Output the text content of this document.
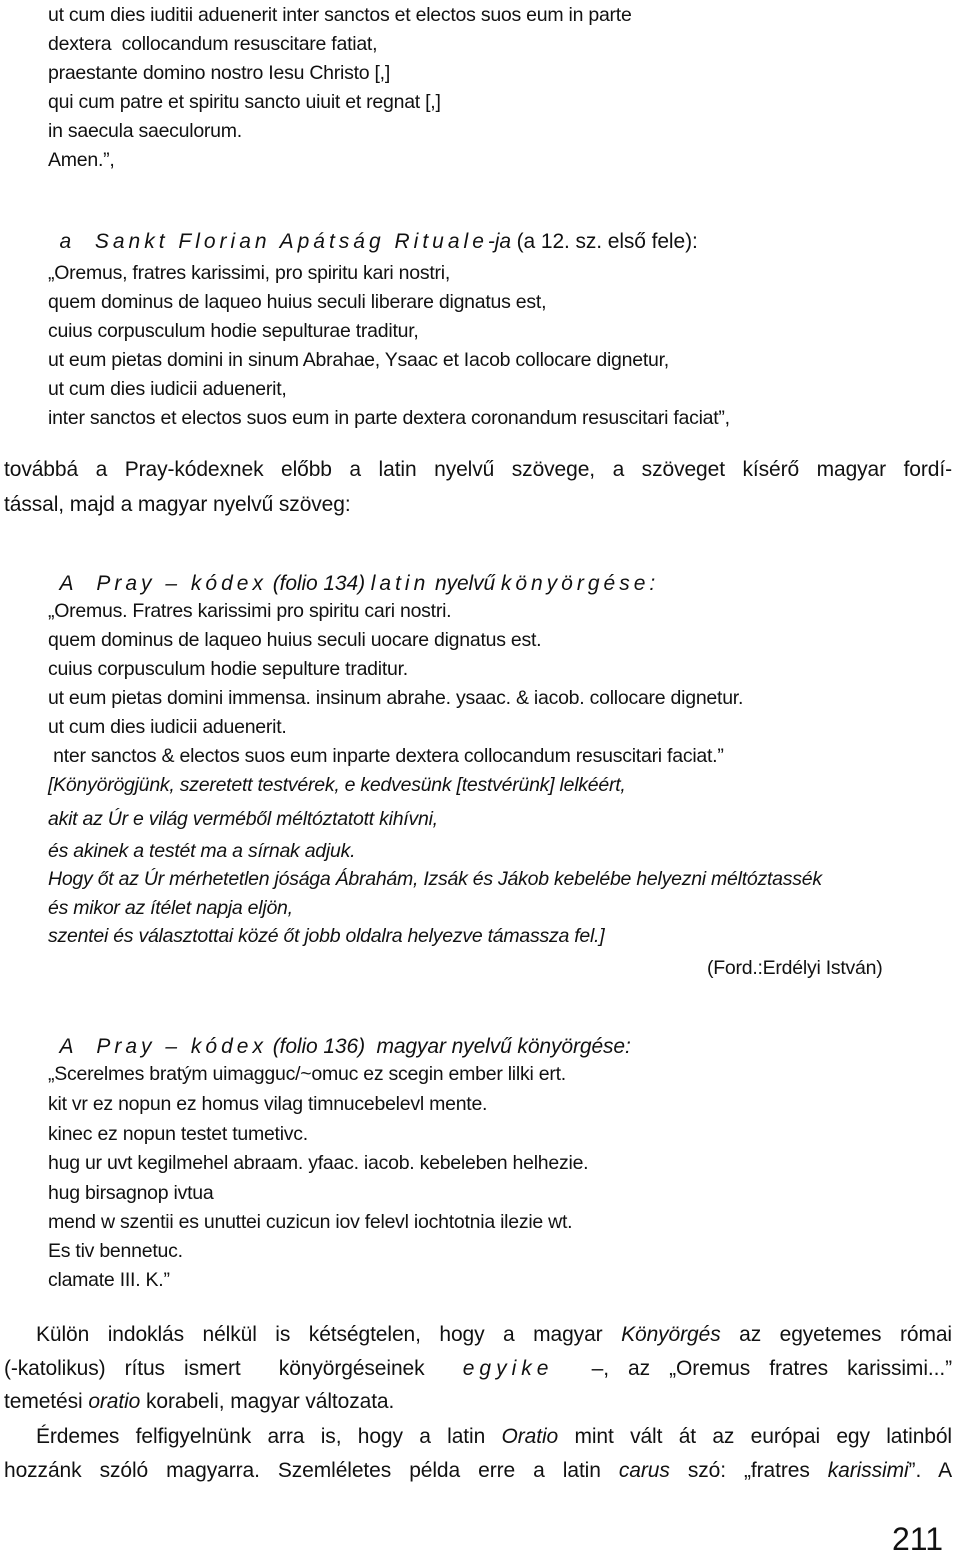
ut cum dies iuditii aduenerit inter sanctos et electos suos eum in parte
dextera  collocandum resuscitare fatiat,
praestante domino nostro Iesu Christo [,]
qui cum patre et spiritu sancto uiuit et regnat [,]
in saecula saeculorum.
Amen.”,

a  Sankt Florian Apátság Rituale-ja (a 12. sz. első fele):

„Oremus, fratres karissimi, pro spiritu kari nostri,
quem dominus de laqueo huius seculi liberare dignatus est,
cuius corpusculum hodie sepulturae traditur,
ut eum pietas domini in sinum Abrahae, Ysaac et Iacob collocare dignetur,
ut cum dies iudicii aduenerit,
inter sanctos et electos suos eum in parte dextera coronandum resuscitari faciat”,
továbbá a Pray-kódexnek előbb a latin nyelvű szövege, a szöveget kísérő magyar fordí-
tással, majd a magyar nyelvű szöveg:

A  Pray – kódex (folio 134) latin nyelvű könyörgése:

„Oremus. Fratres karissimi pro spiritu cari nostri.
quem dominus de laqueo huius seculi uocare dignatus est.
cuius corpusculum hodie sepulture traditur.
ut eum pietas domini immensa. insinum abrahe. ysaac. & iacob. collocare dignetur.
ut cum dies iudicii aduenerit.
nter sanctos & electos suos eum inparte dextera collocandum resuscitari faciat.”
[Könyörögjünk, szeretett testvérek, e kedvesünk [testvérünk] lelkéért,
akit az Úr e világ verméből méltóztatott kihívni,
és akinek a testét ma a sírnak adjuk.
Hogy őt az Úr mérhetetlen jósága Ábrahám, Izsák és Jákob kebelébe helyezni méltóztassék
és mikor az ítélet napja eljön,
szentei és választottai közé őt jobb oldalra helyezve támassza fel.]
(Ford.:Erdélyi István)

A  Pray – kódex (folio 136)  magyar nyelvű könyörgése:

„Scerelmes bratým uimagguc/~omuc ez scegin ember lilki ert.
kit vr ez nopun ez homus vilag timnucebelevl mente.
kinec ez nopun testet tumetivc.
hug ur uvt kegilmehel abraam. yfaac. iacob. kebeleben helhezie.
hug birsagnop ivtua
mend w szentii es unuttei cuzicun iov felevl iochtotnia ilezie wt.
Es tiv bennetuc.
clamate III. K.”
Külön indoklás nélkül is kétségtelen, hogy a magyar Könyörgés az egyetemes római
(-katolikus) rítus ismert  könyörgéseinek  egyike  –, az „Oremus fratres karissimi...”
temetési oratio korabeli, magyar változata.
Érdemes felfigyelnünk arra is, hogy a latin Oratio mint vált át az európai egy latinból
hozzánk szóló magyarra. Szemléletes példa erre a latin carus szó: „fratres karissimi”. A
211
